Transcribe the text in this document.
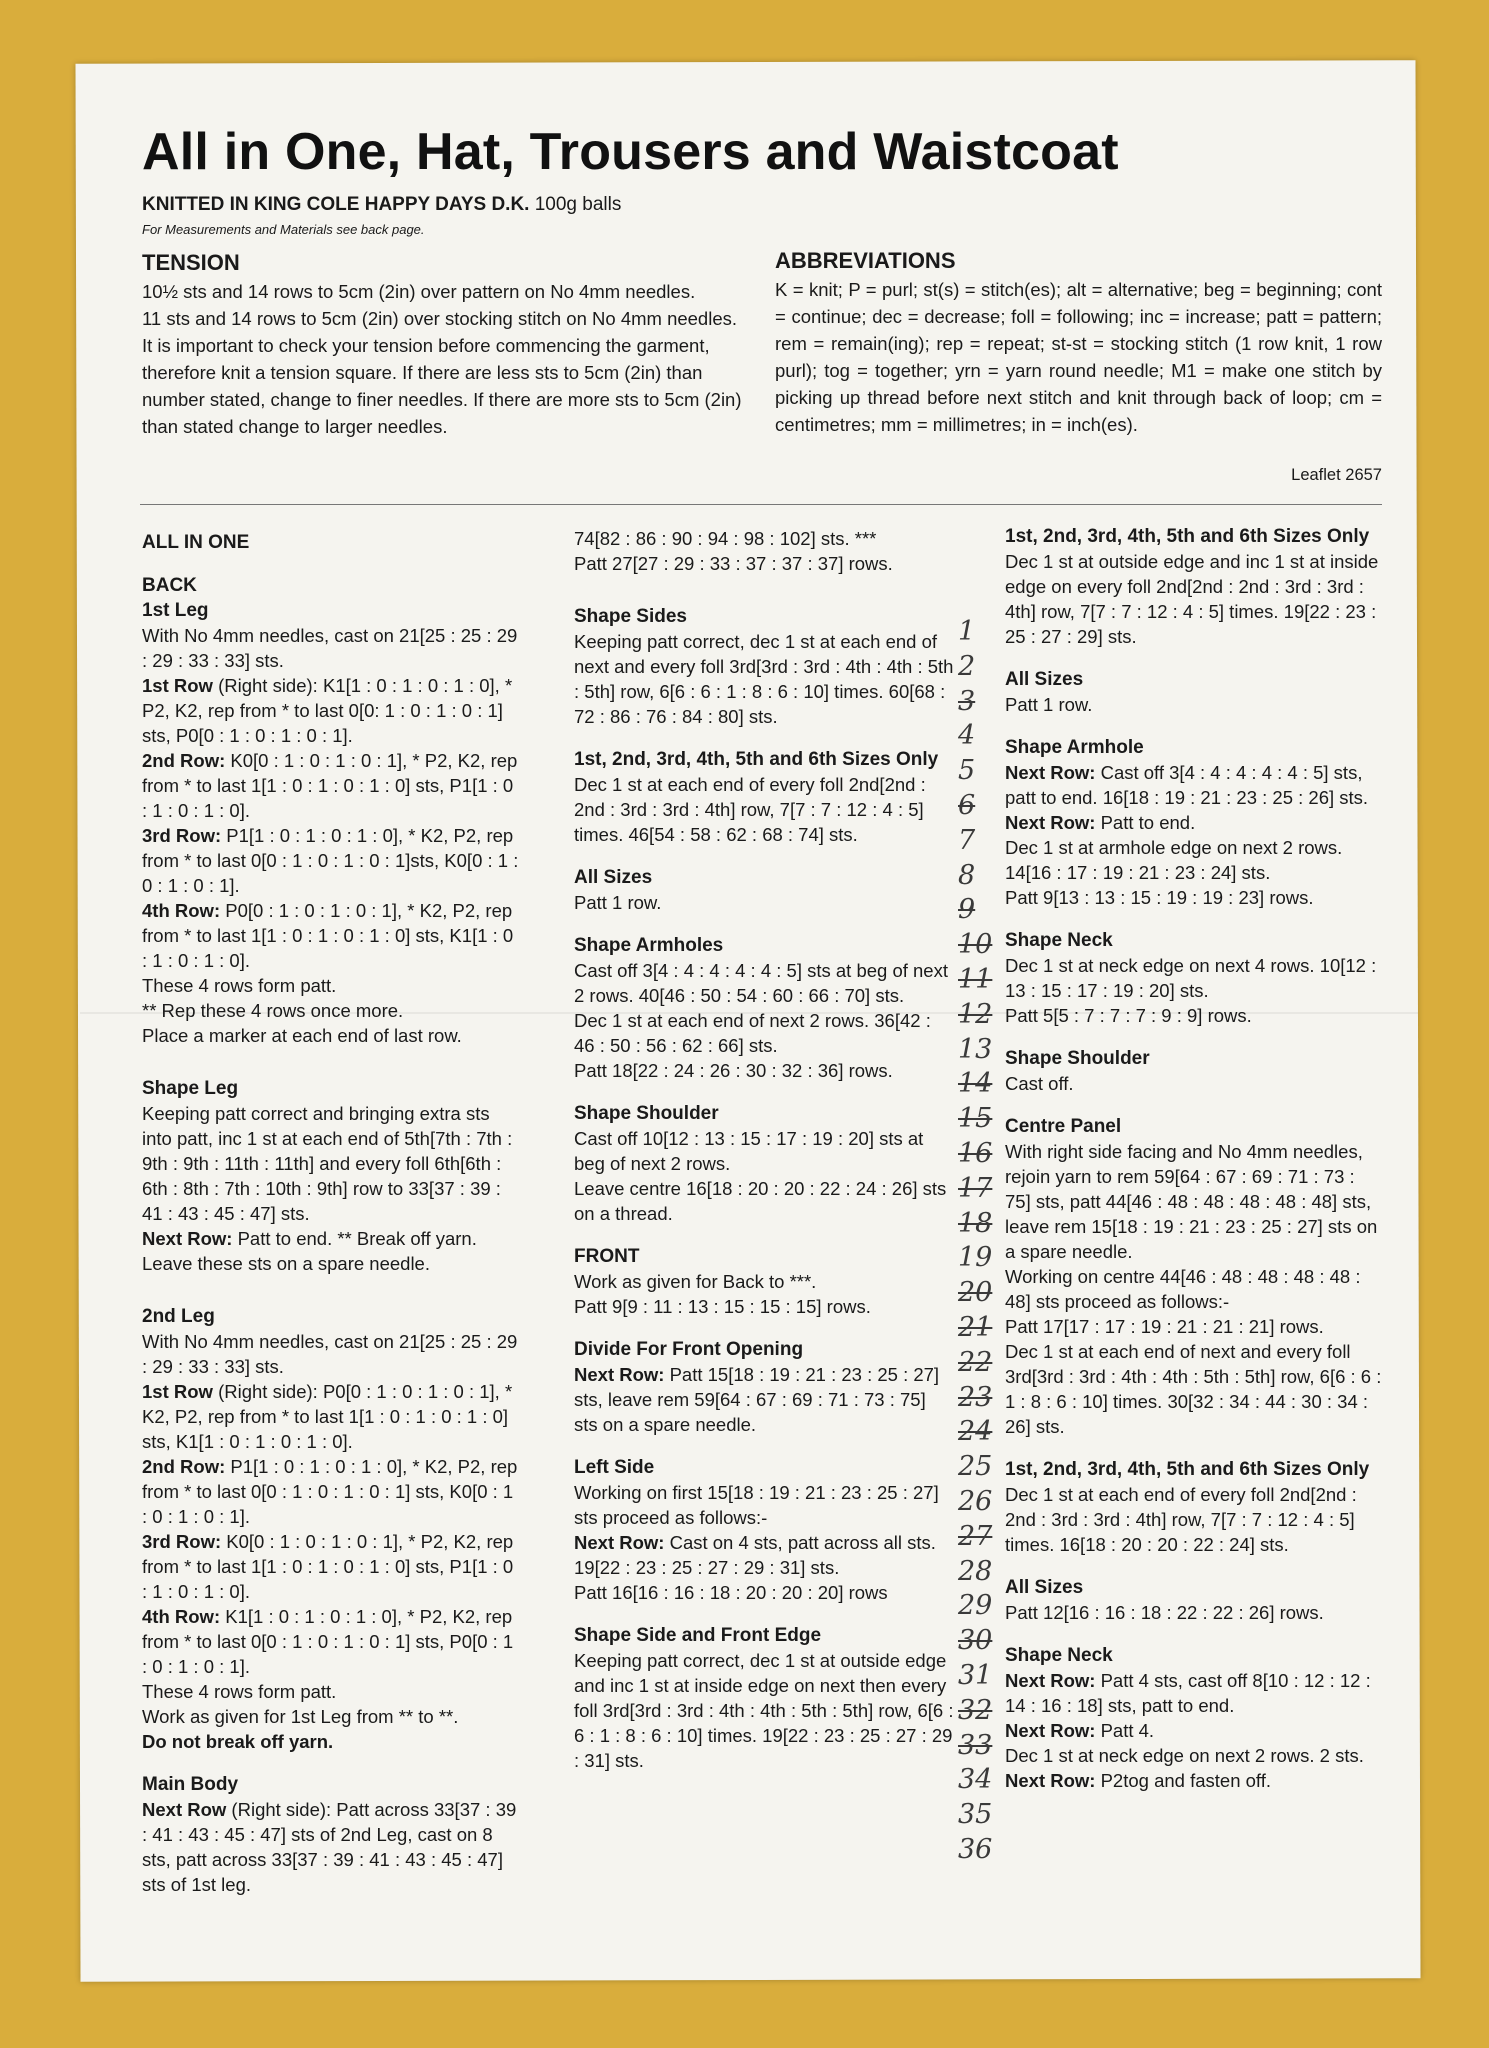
All in One, Hat, Trousers and Waistcoat
KNITTED IN KING COLE HAPPY DAYS D.K. 100g balls
For Measurements and Materials see back page.
TENSION

10½ sts and 14 rows to 5cm (2in) over pattern on No 4mm needles.

11 sts and 14 rows to 5cm (2in) over stocking stitch on No 4mm needles.

It is important to check your tension before commencing the garment, therefore knit a tension square. If there are less sts to 5cm (2in) than number stated, change to finer needles. If there are more sts to 5cm (2in) than stated change to larger needles.

ABBREVIATIONS
K = knit; P = purl; st(s) = stitch(es); alt = alternative; beg = beginning; cont = continue; dec = decrease; foll = following; inc = increase; patt = pattern; rem = remain(ing); rep = repeat; st-st = stocking stitch (1 row knit, 1 row purl); tog = together; yrn = yarn round needle; M1 = make one stitch by picking up thread before next stitch and knit through back of loop; cm = centimetres; mm = millimetres; in = inch(es).
Leaflet 2657

ALL IN ONE

BACK

1st Leg

With No 4mm needles, cast on 21[25 : 25 : 29 : 29 : 33 : 33] sts.

1st Row (Right side): K1[1 : 0 : 1 : 0 : 1 : 0], * P2, K2, rep from * to last 0[0: 1 : 0 : 1 : 0 : 1] sts, P0[0 : 1 : 0 : 1 : 0 : 1].

2nd Row: K0[0 : 1 : 0 : 1 : 0 : 1], * P2, K2, rep from * to last 1[1 : 0 : 1 : 0 : 1 : 0] sts, P1[1 : 0 : 1 : 0 : 1 : 0].

3rd Row: P1[1 : 0 : 1 : 0 : 1 : 0], * K2, P2, rep from * to last 0[0 : 1 : 0 : 1 : 0 : 1]sts, K0[0 : 1 : 0 : 1 : 0 : 1].

4th Row: P0[0 : 1 : 0 : 1 : 0 : 1], * K2, P2, rep from * to last 1[1 : 0 : 1 : 0 : 1 : 0] sts, K1[1 : 0 : 1 : 0 : 1 : 0].

These 4 rows form patt.

** Rep these 4 rows once more.

Place a marker at each end of last row.

Shape Leg

Keeping patt correct and bringing extra sts into patt, inc 1 st at each end of 5th[7th : 7th : 9th : 9th : 11th : 11th] and every foll 6th[6th : 6th : 8th : 7th : 10th : 9th] row to 33[37 : 39 : 41 : 43 : 45 : 47] sts.

Next Row: Patt to end. ** Break off yarn.

Leave these sts on a spare needle.

2nd Leg

With No 4mm needles, cast on 21[25 : 25 : 29 : 29 : 33 : 33] sts.

1st Row (Right side): P0[0 : 1 : 0 : 1 : 0 : 1], * K2, P2, rep from * to last 1[1 : 0 : 1 : 0 : 1 : 0] sts, K1[1 : 0 : 1 : 0 : 1 : 0].

2nd Row: P1[1 : 0 : 1 : 0 : 1 : 0], * K2, P2, rep from * to last 0[0 : 1 : 0 : 1 : 0 : 1] sts, K0[0 : 1 : 0 : 1 : 0 : 1].

3rd Row: K0[0 : 1 : 0 : 1 : 0 : 1], * P2, K2, rep from * to last 1[1 : 0 : 1 : 0 : 1 : 0] sts, P1[1 : 0 : 1 : 0 : 1 : 0].

4th Row: K1[1 : 0 : 1 : 0 : 1 : 0], * P2, K2, rep from * to last 0[0 : 1 : 0 : 1 : 0 : 1] sts, P0[0 : 1 : 0 : 1 : 0 : 1].

These 4 rows form patt.

Work as given for 1st Leg from ** to **.

Do not break off yarn.

Main Body

Next Row (Right side): Patt across 33[37 : 39 : 41 : 43 : 45 : 47] sts of 2nd Leg, cast on 8 sts, patt across 33[37 : 39 : 41 : 43 : 45 : 47] sts of 1st leg.

74[82 : 86 : 90 : 94 : 98 : 102] sts. ***

Patt 27[27 : 29 : 33 : 37 : 37 : 37] rows.

Shape Sides

Keeping patt correct, dec 1 st at each end of next and every foll 3rd[3rd : 3rd : 4th : 4th : 5th : 5th] row, 6[6 : 6 : 1 : 8 : 6 : 10] times. 60[68 : 72 : 86 : 76 : 84 : 80] sts.

1st, 2nd, 3rd, 4th, 5th and 6th Sizes Only

Dec 1 st at each end of every foll 2nd[2nd : 2nd : 3rd : 3rd : 4th] row, 7[7 : 7 : 12 : 4 : 5] times. 46[54 : 58 : 62 : 68 : 74] sts.

All Sizes

Patt 1 row.

Shape Armholes

Cast off 3[4 : 4 : 4 : 4 : 4 : 5] sts at beg of next 2 rows. 40[46 : 50 : 54 : 60 : 66 : 70] sts.

Dec 1 st at each end of next 2 rows. 36[42 : 46 : 50 : 56 : 62 : 66] sts.

Patt 18[22 : 24 : 26 : 30 : 32 : 36] rows.

Shape Shoulder

Cast off 10[12 : 13 : 15 : 17 : 19 : 20] sts at beg of next 2 rows.

Leave centre 16[18 : 20 : 20 : 22 : 24 : 26] sts on a thread.

FRONT

Work as given for Back to ***.

Patt 9[9 : 11 : 13 : 15 : 15 : 15] rows.

Divide For Front Opening

Next Row: Patt 15[18 : 19 : 21 : 23 : 25 : 27] sts, leave rem 59[64 : 67 : 69 : 71 : 73 : 75] sts on a spare needle.

Left Side

Working on first 15[18 : 19 : 21 : 23 : 25 : 27] sts proceed as follows:-

Next Row: Cast on 4 sts, patt across all sts. 19[22 : 23 : 25 : 27 : 29 : 31] sts.

Patt 16[16 : 16 : 18 : 20 : 20 : 20] rows

Shape Side and Front Edge

Keeping patt correct, dec 1 st at outside edge and inc 1 st at inside edge on next then every foll 3rd[3rd : 3rd : 4th : 4th : 5th : 5th] row, 6[6 : 6 : 1 : 8 : 6 : 10] times. 19[22 : 23 : 25 : 27 : 29 : 31] sts.

1st, 2nd, 3rd, 4th, 5th and 6th Sizes Only

Dec 1 st at outside edge and inc 1 st at inside edge on every foll 2nd[2nd : 2nd : 3rd : 3rd : 4th] row, 7[7 : 7 : 12 : 4 : 5] times. 19[22 : 23 : 25 : 27 : 29] sts.

All Sizes

Patt 1 row.

Shape Armhole

Next Row: Cast off 3[4 : 4 : 4 : 4 : 4 : 5] sts, patt to end. 16[18 : 19 : 21 : 23 : 25 : 26] sts.

Next Row: Patt to end.

Dec 1 st at armhole edge on next 2 rows. 14[16 : 17 : 19 : 21 : 23 : 24] sts.

Patt 9[13 : 13 : 15 : 19 : 19 : 23] rows.

Shape Neck

Dec 1 st at neck edge on next 4 rows. 10[12 : 13 : 15 : 17 : 19 : 20] sts.

Patt 5[5 : 7 : 7 : 7 : 9 : 9] rows.

Shape Shoulder

Cast off.

Centre Panel

With right side facing and No 4mm needles, rejoin yarn to rem 59[64 : 67 : 69 : 71 : 73 : 75] sts, patt 44[46 : 48 : 48 : 48 : 48 : 48] sts, leave rem 15[18 : 19 : 21 : 23 : 25 : 27] sts on a spare needle.

Working on centre 44[46 : 48 : 48 : 48 : 48 : 48] sts proceed as follows:-

Patt 17[17 : 17 : 19 : 21 : 21 : 21] rows.

Dec 1 st at each end of next and every foll 3rd[3rd : 3rd : 4th : 4th : 5th : 5th] row, 6[6 : 6 : 1 : 8 : 6 : 10] times. 30[32 : 34 : 44 : 30 : 34 : 26] sts.

1st, 2nd, 3rd, 4th, 5th and 6th Sizes Only

Dec 1 st at each end of every foll 2nd[2nd : 2nd : 3rd : 3rd : 4th] row, 7[7 : 7 : 12 : 4 : 5] times. 16[18 : 20 : 20 : 22 : 24] sts.

All Sizes

Patt 12[16 : 16 : 18 : 22 : 22 : 26] rows.

Shape Neck

Next Row: Patt 4 sts, cast off 8[10 : 12 : 12 : 14 : 16 : 18] sts, patt to end.

Next Row: Patt 4.

Dec 1 st at neck edge on next 2 rows. 2 sts.

Next Row: P2tog and fasten off.

1
2
3
4
5
6
7
8
9
10
11
12
13
14
15
16
17
18
19
20
21
22
23
24
25
26
27
28
29
30
31
32
33
34
35
36
